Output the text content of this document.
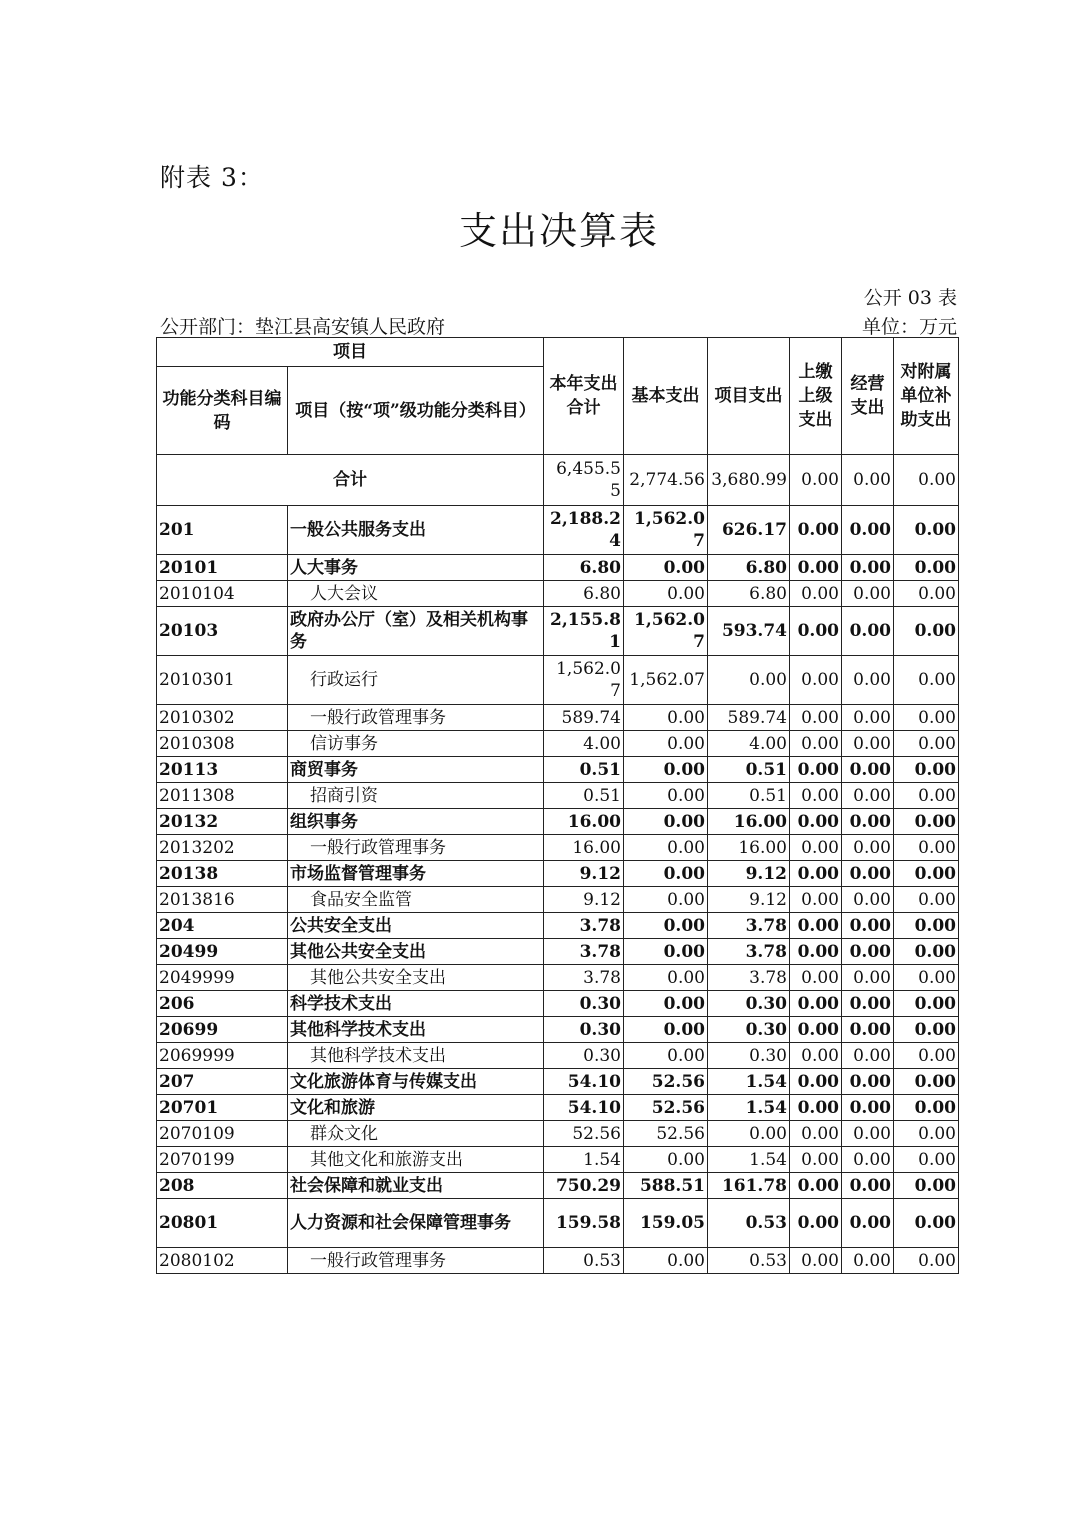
附表 3：
支出决算表
公开 03 表
公开部门：垫江县高安镇人民政府	单位：万元
项目		本年支出合计	基本支出	项目支出	上缴上级支出	经营支出	对附属单位补助支出
功能分类科目编码	项目（按“项”级功能分类科目）						
合计		6,455.55	2,774.56	3,680.99	0.00	0.00	0.00
201	一般公共服务支出	2,188.24	1,562.07	626.17	0.00	0.00	0.00
20101	人大事务	6.80	0.00	6.80	0.00	0.00	0.00
2010104	人大会议	6.80	0.00	6.80	0.00	0.00	0.00
20103	政府办公厅（室）及相关机构事务	2,155.81	1,562.07	593.74	0.00	0.00	0.00
2010301	行政运行	1,562.07	1,562.07	0.00	0.00	0.00	0.00
2010302	一般行政管理事务	589.74	0.00	589.74	0.00	0.00	0.00
2010308	信访事务	4.00	0.00	4.00	0.00	0.00	0.00
20113	商贸事务	0.51	0.00	0.51	0.00	0.00	0.00
2011308	招商引资	0.51	0.00	0.51	0.00	0.00	0.00
20132	组织事务	16.00	0.00	16.00	0.00	0.00	0.00
2013202	一般行政管理事务	16.00	0.00	16.00	0.00	0.00	0.00
20138	市场监督管理事务	9.12	0.00	9.12	0.00	0.00	0.00
2013816	食品安全监管	9.12	0.00	9.12	0.00	0.00	0.00
204	公共安全支出	3.78	0.00	3.78	0.00	0.00	0.00
20499	其他公共安全支出	3.78	0.00	3.78	0.00	0.00	0.00
2049999	其他公共安全支出	3.78	0.00	3.78	0.00	0.00	0.00
206	科学技术支出	0.30	0.00	0.30	0.00	0.00	0.00
20699	其他科学技术支出	0.30	0.00	0.30	0.00	0.00	0.00
2069999	其他科学技术支出	0.30	0.00	0.30	0.00	0.00	0.00
207	文化旅游体育与传媒支出	54.10	52.56	1.54	0.00	0.00	0.00
20701	文化和旅游	54.10	52.56	1.54	0.00	0.00	0.00
2070109	群众文化	52.56	52.56	0.00	0.00	0.00	0.00
2070199	其他文化和旅游支出	1.54	0.00	1.54	0.00	0.00	0.00
208	社会保障和就业支出	750.29	588.51	161.78	0.00	0.00	0.00
20801	人力资源和社会保障管理事务	159.58	159.05	0.53	0.00	0.00	0.00
2080102	一般行政管理事务	0.53	0.00	0.53	0.00	0.00	0.00
